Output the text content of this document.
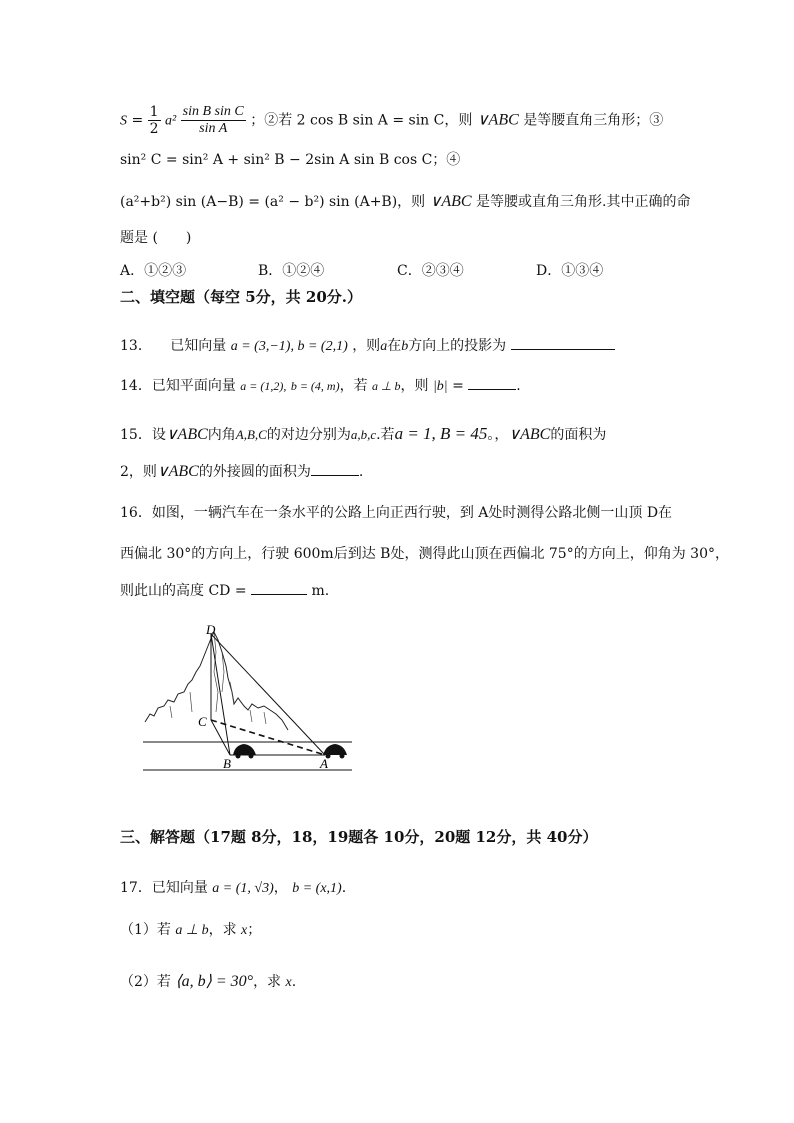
$S = \frac{1}{2} a^2 \frac{\text{sin B sin C}}{\text{sin A}}$ ；②若 2 cos B sin A = sin C，则 ∨ABC 是等腰直角三角形；③
sin² C = sin² A + sin² B − 2sin A sin B cos C；④
(a²+b²) sin (A−B) = (a² − b²) sin (A+B)，则 ∨ABC 是等腰或直角三角形.其中正确的命
题是 (　　)
A．①②③	B．①②④	C．②③④	D．①③④
二、填空题（每空 5分，共 20分.）
13．  已知向量 a = (3,−1), b = (2,1) ，则a在b方向上的投影为
14．已知平面向量 a = (1,2), b = (4, m)，若 a ⊥ b，则 |b| =	.
15．设∨ABC内角A,B,C的对边分别为a,b,c.若a = 1, B = 45。，∨ABC的面积为
2，则∨ABC的外接圆的面积为	.
16．如图，一辆汽车在一条水平的公路上向正西行驶，到 A处时测得公路北侧一山顶 D在
西偏北 30°的方向上，行驶 600m后到达 B处，测得此山顶在西偏北 75°的方向上，仰角为 30°，
则此山的高度 CD =	m.
D
C
B	A
三、解答题（17题 8分，18，19题各 10分，20题 12分，共 40分）
17．已知向量 a = (1, √3)， b = (x,1).
（1）若 a ⊥ b，求 x；
（2）若 ⟨a, b⟩ = 30°，求 x.
